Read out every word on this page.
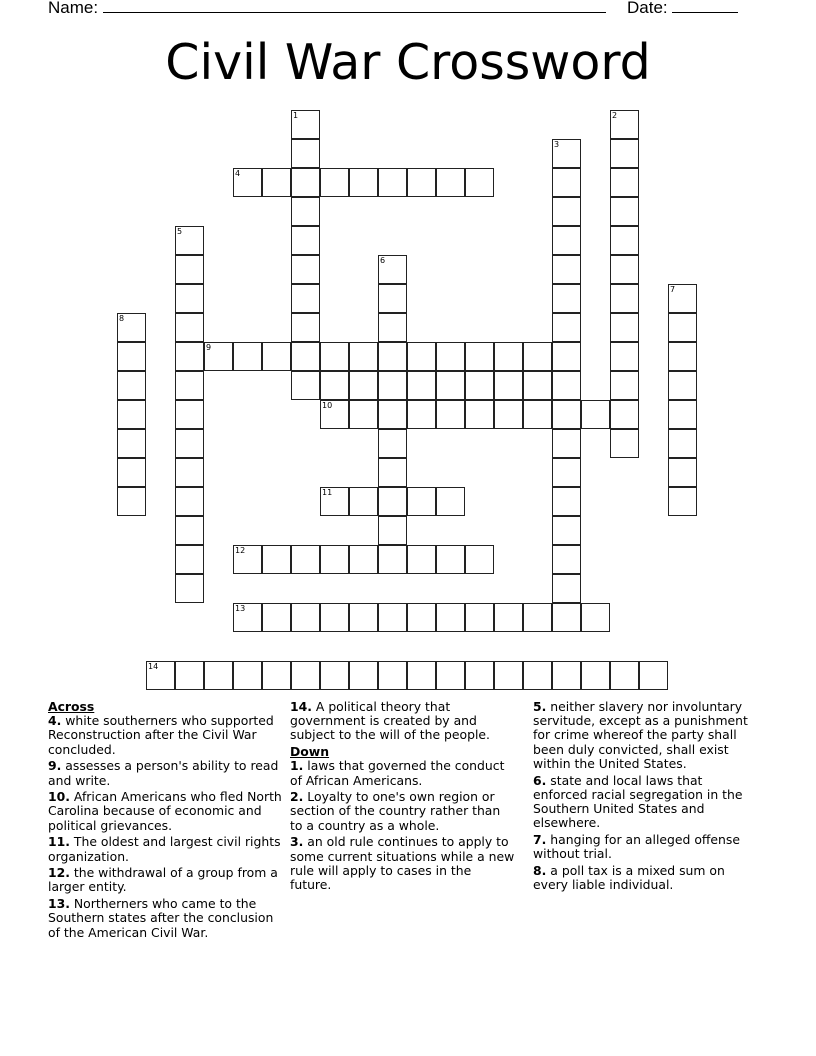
Name:	Date:
Civil War Crossword
1	2
3
4
5
6
7
8
9
10
11
12
13
14

Across

4. white southerners who supported Reconstruction after the Civil War concluded.

9. assesses a person's ability to read and write.

10. African Americans who fled North Carolina because of economic and political grievances.

11. The oldest and largest civil rights organization.

12. the withdrawal of a group from a larger entity.

13. Northerners who came to the Southern states after the conclusion of the American Civil War.

14. A political theory that government is created by and subject to the will of the people.

Down

1. laws that governed the conduct of African Americans.

2. Loyalty to one's own region or section of the country rather than to a country as a whole.

3. an old rule continues to apply to some current situations while a new rule will apply to cases in the future.

5. neither slavery nor involuntary servitude, except as a punishment for crime whereof the party shall been duly convicted, shall exist within the United States.

6. state and local laws that enforced racial segregation in the Southern United States and elsewhere.

7. hanging for an alleged offense without trial.

8. a poll tax is a mixed sum on every liable individual.
